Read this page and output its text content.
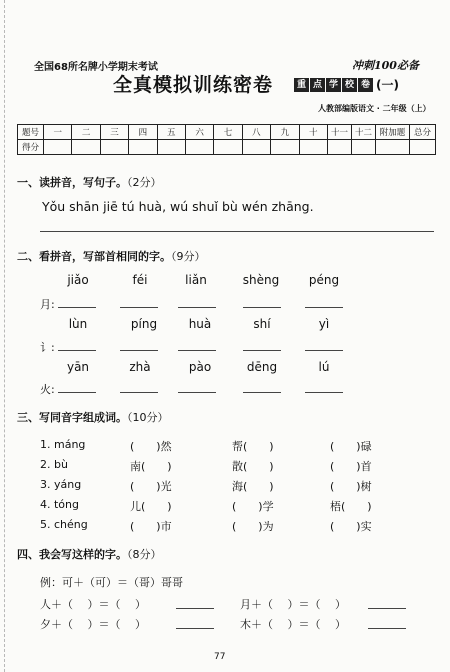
全国68所名牌小学期末考试	冲刺100必备
全真模拟训练密卷	重 点 学 校 卷 (一)
人教部编版语文 · 二年级（上）
题号	一	二	三	四	五	六	七	八	九	十	十一	十二	附加题	总分
得分														
一、读拼音，写句子。（2分）
Yǒu shān jiē tú huà, wú shuǐ bù wén zhāng.
二、看拼音，写部首相同的字。（9分）
jiǎo	féi	liǎn	shèng	péng
月:
lùn	píng	huà	shí	yì
讠:
yān	zhà	pào	dēng	lú
火:
三、写同音字组成词。（10分）
1. máng	(　　)然	帮(　　)	(　　)碌
2. bù	南(　　)	散(　　)	(　　)首
3. yáng	(　　)光	海(　　)	(　　)树
4. tóng	儿(　　)	(　　)学	梧(　　)
5. chéng	(　　)市	(　　)为	(　　)实
四、我会写这样的字。（8分）
例：可＋（可）＝（哥）哥哥
人＋（　 ）＝（　 ）	月＋（　 ）＝（　 ）
夕＋（　 ）＝（　 ）	木＋（　 ）＝（　 ）
77
